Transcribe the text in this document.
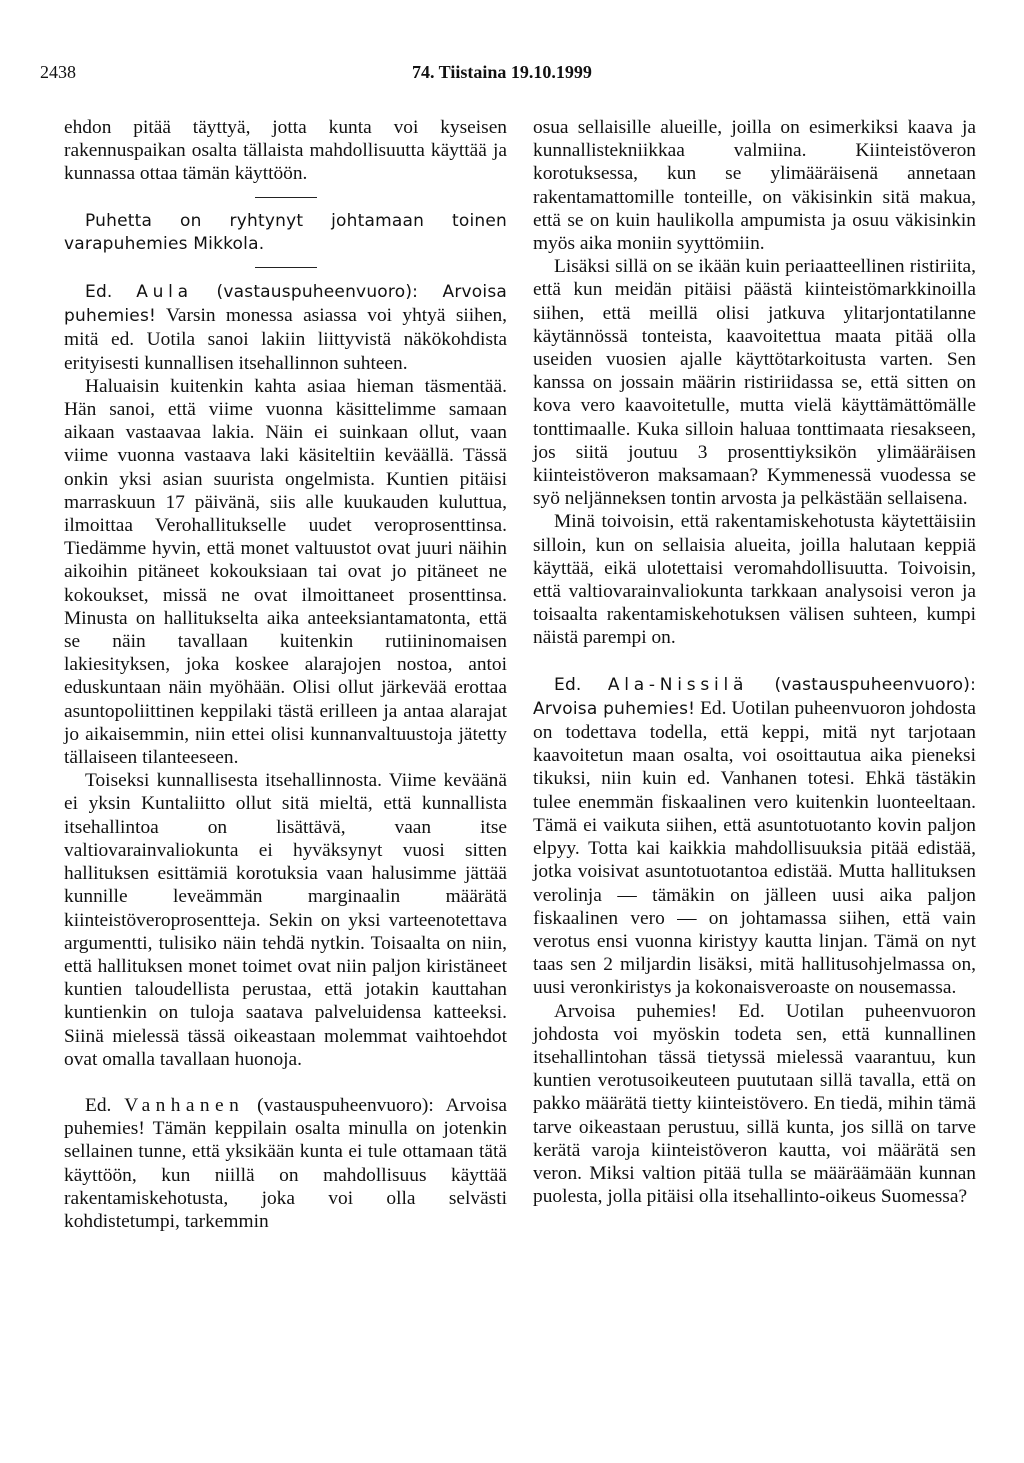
2438	74. Tiistaina 19.10.1999

ehdon pitää täyttyä, jotta kunta voi kyseisen rakennuspaikan osalta tällaista mahdollisuutta käyttää ja kunnassa ottaa tämän käyttöön.

Puhetta on ryhtynyt johtamaan toinen varapuhemies Mikkola.

Ed. Aula (vastauspuheenvuoro): Arvoisa puhemies! Varsin monessa asiassa voi yhtyä siihen, mitä ed. Uotila sanoi lakiin liittyvistä näkökohdista erityisesti kunnallisen itsehallinnon suhteen.

Haluaisin kuitenkin kahta asiaa hieman täsmentää. Hän sanoi, että viime vuonna käsittelimme samaan aikaan vastaavaa lakia. Näin ei suinkaan ollut, vaan viime vuonna vastaava laki käsiteltiin keväällä. Tässä onkin yksi asian suurista ongelmista. Kuntien pitäisi marraskuun 17 päivänä, siis alle kuukauden kuluttua, ilmoittaa Verohallitukselle uudet veroprosenttinsa. Tiedämme hyvin, että monet valtuustot ovat juuri näihin aikoihin pitäneet kokouksiaan tai ovat jo pitäneet ne kokoukset, missä ne ovat ilmoittaneet prosenttinsa. Minusta on hallitukselta aika anteeksiantamatonta, että se näin tavallaan kuitenkin rutiininomaisen lakiesityksen, joka koskee alarajojen nostoa, antoi eduskuntaan näin myöhään. Olisi ollut järkevää erottaa asuntopoliittinen keppilaki tästä erilleen ja antaa alarajat jo aikaisemmin, niin ettei olisi kunnanvaltuustoja jätetty tällaiseen tilanteeseen.

Toiseksi kunnallisesta itsehallinnosta. Viime keväänä ei yksin Kuntaliitto ollut sitä mieltä, että kunnallista itsehallintoa on lisättävä, vaan itse valtiovarainvaliokunta ei hyväksynyt vuosi sitten hallituksen esittämiä korotuksia vaan halusimme jättää kunnille leveämmän marginaalin määrätä kiinteistöveroprosentteja. Sekin on yksi varteenotettava argumentti, tulisiko näin tehdä nytkin. Toisaalta on niin, että hallituksen monet toimet ovat niin paljon kiristäneet kuntien taloudellista perustaa, että jotakin kauttahan kuntienkin on tuloja saatava palveluidensa katteeksi. Siinä mielessä tässä oikeastaan molemmat vaihtoehdot ovat omalla tavallaan huonoja.

Ed. Vanhanen (vastauspuheenvuoro): Arvoisa puhemies! Tämän keppilain osalta minulla on jotenkin sellainen tunne, että yksikään kunta ei tule ottamaan tätä käyttöön, kun niillä on mahdollisuus käyttää rakentamiskehotusta, joka voi olla selvästi kohdistetumpi, tarkemmin

osua sellaisille alueille, joilla on esimerkiksi kaava ja kunnallistekniikkaa valmiina. Kiinteistöveron korotuksessa, kun se ylimääräisenä annetaan rakentamattomille tonteille, on väkisinkin sitä makua, että se on kuin haulikolla ampumista ja osuu väkisinkin myös aika moniin syyttömiin.

Lisäksi sillä on se ikään kuin periaatteellinen ristiriita, että kun meidän pitäisi päästä kiinteistömarkkinoilla siihen, että meillä olisi jatkuva ylitarjontatilanne käytännössä tonteista, kaavoitettua maata pitää olla useiden vuosien ajalle käyttötarkoitusta varten. Sen kanssa on jossain määrin ristiriidassa se, että sitten on kova vero kaavoitetulle, mutta vielä käyttämättömälle tonttimaalle. Kuka silloin haluaa tonttimaata riesakseen, jos siitä joutuu 3 prosenttiyksikön ylimääräisen kiinteistöveron maksamaan? Kymmenessä vuodessa se syö neljänneksen tontin arvosta ja pelkästään sellaisena.

Minä toivoisin, että rakentamiskehotusta käytettäisiin silloin, kun on sellaisia alueita, joilla halutaan keppiä käyttää, eikä ulotettaisi veromahdollisuutta. Toivoisin, että valtiovarainvaliokunta tarkkaan analysoisi veron ja toisaalta rakentamiskehotuksen välisen suhteen, kumpi näistä parempi on.

Ed. Ala-Nissilä (vastauspuheenvuoro): Arvoisa puhemies! Ed. Uotilan puheenvuoron johdosta on todettava todella, että keppi, mitä nyt tarjotaan kaavoitetun maan osalta, voi osoittautua aika pieneksi tikuksi, niin kuin ed. Vanhanen totesi. Ehkä tästäkin tulee enemmän fiskaalinen vero kuitenkin luonteeltaan. Tämä ei vaikuta siihen, että asuntotuotanto kovin paljon elpyy. Totta kai kaikkia mahdollisuuksia pitää edistää, jotka voisivat asuntotuotantoa edistää. Mutta hallituksen verolinja — tämäkin on jälleen uusi aika paljon fiskaalinen vero — on johtamassa siihen, että vain verotus ensi vuonna kiristyy kautta linjan. Tämä on nyt taas sen 2 miljardin lisäksi, mitä hallitusohjelmassa on, uusi veronkiristys ja kokonaisveroaste on nousemassa.

Arvoisa puhemies! Ed. Uotilan puheenvuoron johdosta voi myöskin todeta sen, että kunnallinen itsehallintohan tässä tietyssä mielessä vaarantuu, kun kuntien verotusoikeuteen puututaan sillä tavalla, että on pakko määrätä tietty kiinteistövero. En tiedä, mihin tämä tarve oikeastaan perustuu, sillä kunta, jos sillä on tarve kerätä varoja kiinteistöveron kautta, voi määrätä sen veron. Miksi valtion pitää tulla se määräämään kunnan puolesta, jolla pitäisi olla itsehallinto-oikeus Suomessa?
